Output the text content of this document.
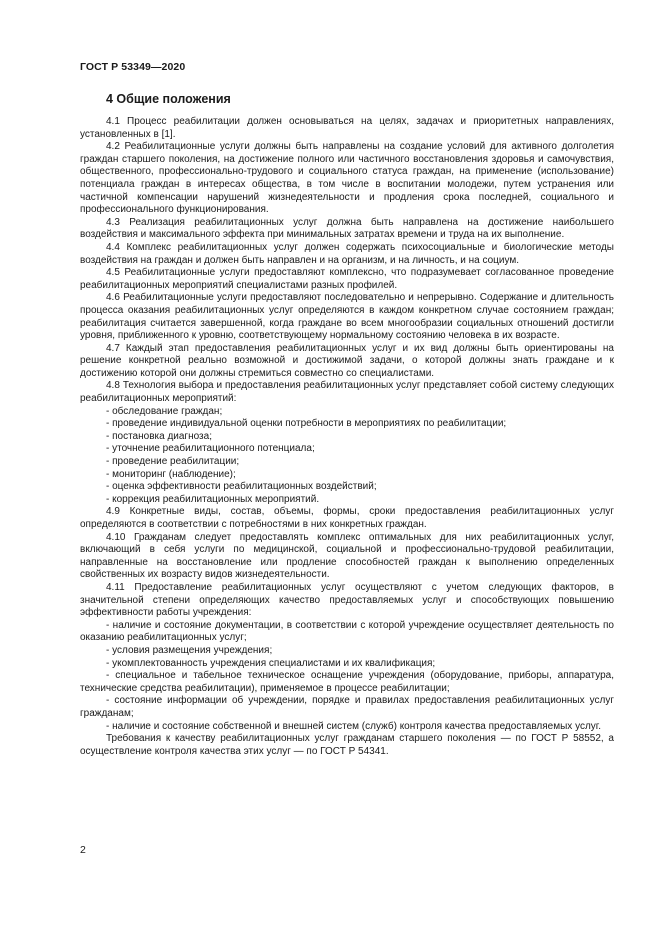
ГОСТ Р 53349—2020
4 Общие положения

4.1 Процесс реабилитации должен основываться на целях, задачах и приоритетных направлениях, установленных в [1].

4.2 Реабилитационные услуги должны быть направлены на создание условий для активного долголетия граждан старшего поколения, на достижение полного или частичного восстановления здоровья и самочувствия, общественного, профессионально-трудового и социального статуса граждан, на применение (использование) потенциала граждан в интересах общества, в том числе в воспитании молодежи, путем устранения или частичной компенсации нарушений жизнедеятельности и продления срока последней, социального и профессионального функционирования.

4.3 Реализация реабилитационных услуг должна быть направлена на достижение наибольшего воздействия и максимального эффекта при минимальных затратах времени и труда на их выполнение.

4.4 Комплекс реабилитационных услуг должен содержать психосоциальные и биологические методы воздействия на граждан и должен быть направлен и на организм, и на личность, и на социум.

4.5 Реабилитационные услуги предоставляют комплексно, что подразумевает согласованное проведение реабилитационных мероприятий специалистами разных профилей.

4.6 Реабилитационные услуги предоставляют последовательно и непрерывно. Содержание и длительность процесса оказания реабилитационных услуг определяются в каждом конкретном случае состоянием граждан; реабилитация считается завершенной, когда граждане во всем многообразии социальных отношений достигли уровня, приближенного к уровню, соответствующему нормальному состоянию человека в их возрасте.

4.7 Каждый этап предоставления реабилитационных услуг и их вид должны быть ориентированы на решение конкретной реально возможной и достижимой задачи, о которой должны знать граждане и к достижению которой они должны стремиться совместно со специалистами.

4.8 Технология выбора и предоставления реабилитационных услуг представляет собой систему следующих реабилитационных мероприятий:

- обследование граждан;
- проведение индивидуальной оценки потребности в мероприятиях по реабилитации;
- постановка диагноза;
- уточнение реабилитационного потенциала;
- проведение реабилитации;
- мониторинг (наблюдение);
- оценка эффективности реабилитационных воздействий;
- коррекция реабилитационных мероприятий.

4.9 Конкретные виды, состав, объемы, формы, сроки предоставления реабилитационных услуг определяются в соответствии с потребностями в них конкретных граждан.

4.10 Гражданам следует предоставлять комплекс оптимальных для них реабилитационных услуг, включающий в себя услуги по медицинской, социальной и профессионально-трудовой реабилитации, направленные на восстановление или продление способностей граждан к выполнению определенных свойственных их возрасту видов жизнедеятельности.

4.11 Предоставление реабилитационных услуг осуществляют с учетом следующих факторов, в значительной степени определяющих качество предоставляемых услуг и способствующих повышению эффективности работы учреждения:

- наличие и состояние документации, в соответствии с которой учреждение осуществляет деятельность по оказанию реабилитационных услуг;
- условия размещения учреждения;
- укомплектованность учреждения специалистами и их квалификация;
- специальное и табельное техническое оснащение учреждения (оборудование, приборы, аппаратура, технические средства реабилитации), применяемое в процессе реабилитации;
- состояние информации об учреждении, порядке и правилах предоставления реабилитационных услуг гражданам;
- наличие и состояние собственной и внешней систем (служб) контроля качества предоставляемых услуг.

Требования к качеству реабилитационных услуг гражданам старшего поколения — по ГОСТ Р 58552, а осуществление контроля качества этих услуг — по ГОСТ Р 54341.

2
